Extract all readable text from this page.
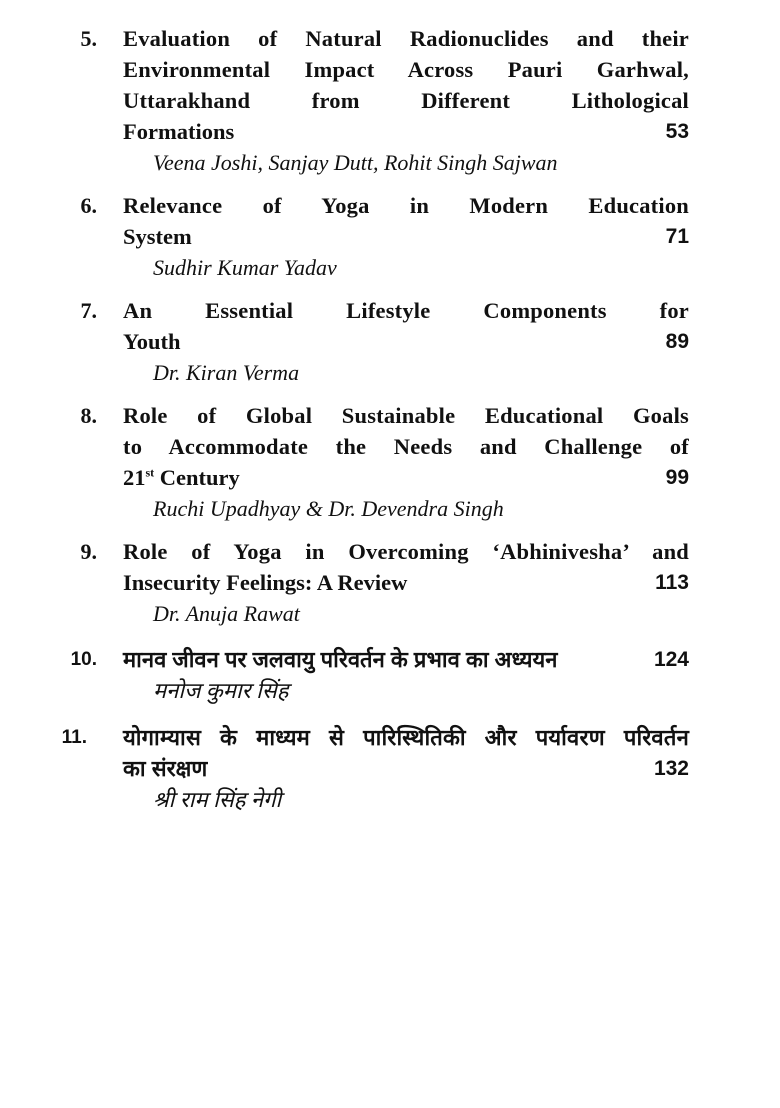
5. Evaluation of Natural Radionuclides and their
Environmental Impact Across Pauri Garhwal,
Uttarakhand from Different Lithological
Formations	53
Veena Joshi, Sanjay Dutt, Rohit Singh Sajwan
6. Relevance of Yoga in Modern Education
System	71
Sudhir Kumar Yadav
7. An Essential Lifestyle Components for
Youth	89
Dr. Kiran Verma
8. Role of Global Sustainable Educational Goals
to Accommodate the Needs and Challenge of
21st Century	99
Ruchi Upadhyay & Dr. Devendra Singh
9. Role of Yoga in Overcoming ‘Abhinivesha’ and
Insecurity Feelings: A Review	113
Dr. Anuja Rawat
10. मानव जीवन पर जलवायु परिवर्तन के प्रभाव का अध्ययन	124
मनोज कुमार सिंह
11. योगाम्यास के माध्यम से पारिस्थितिकी और पर्यावरण परिवर्तन
का संरक्षण	132
श्री राम सिंह नेगी
